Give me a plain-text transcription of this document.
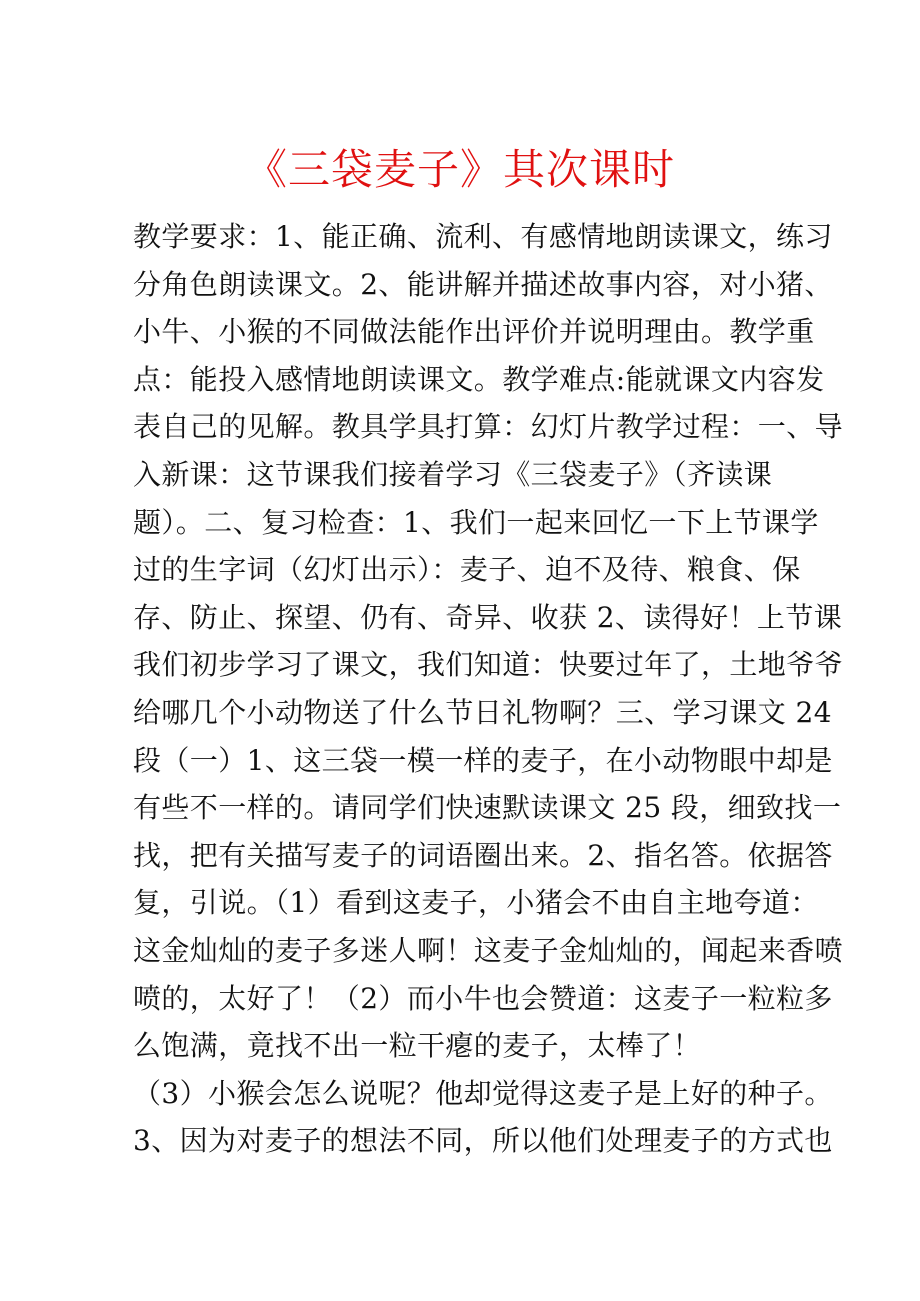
《三袋麦子》其次课时
教学要求：1、能正确、流利、有感情地朗读课文，练习
分角色朗读课文。2、能讲解并描述故事内容，对小猪、
小牛、小猴的不同做法能作出评价并说明理由。教学重
点：能投入感情地朗读课文。教学难点:能就课文内容发
表自己的见解。教具学具打算：幻灯片教学过程：一、导
入新课：这节课我们接着学习《三袋麦子》（齐读课
题）。二、复习检查：1、我们一起来回忆一下上节课学
过的生字词（幻灯出示）：麦子、迫不及待、粮食、保
存、防止、探望、仍有、奇异、收获 2、读得好！上节课
我们初步学习了课文，我们知道：快要过年了，土地爷爷
给哪几个小动物送了什么节日礼物啊？三、学习课文 24
段（一）1、这三袋一模一样的麦子，在小动物眼中却是
有些不一样的。请同学们快速默读课文 25 段，细致找一
找，把有关描写麦子的词语圈出来。2、指名答。依据答
复，引说。（1）看到这麦子，小猪会不由自主地夸道：
这金灿灿的麦子多迷人啊！这麦子金灿灿的，闻起来香喷
喷的，太好了！（2）而小牛也会赞道：这麦子一粒粒多
么饱满，竟找不出一粒干瘪的麦子，太棒了！
（3）小猴会怎么说呢？他却觉得这麦子是上好的种子。
3、因为对麦子的想法不同，所以他们处理麦子的方式也
